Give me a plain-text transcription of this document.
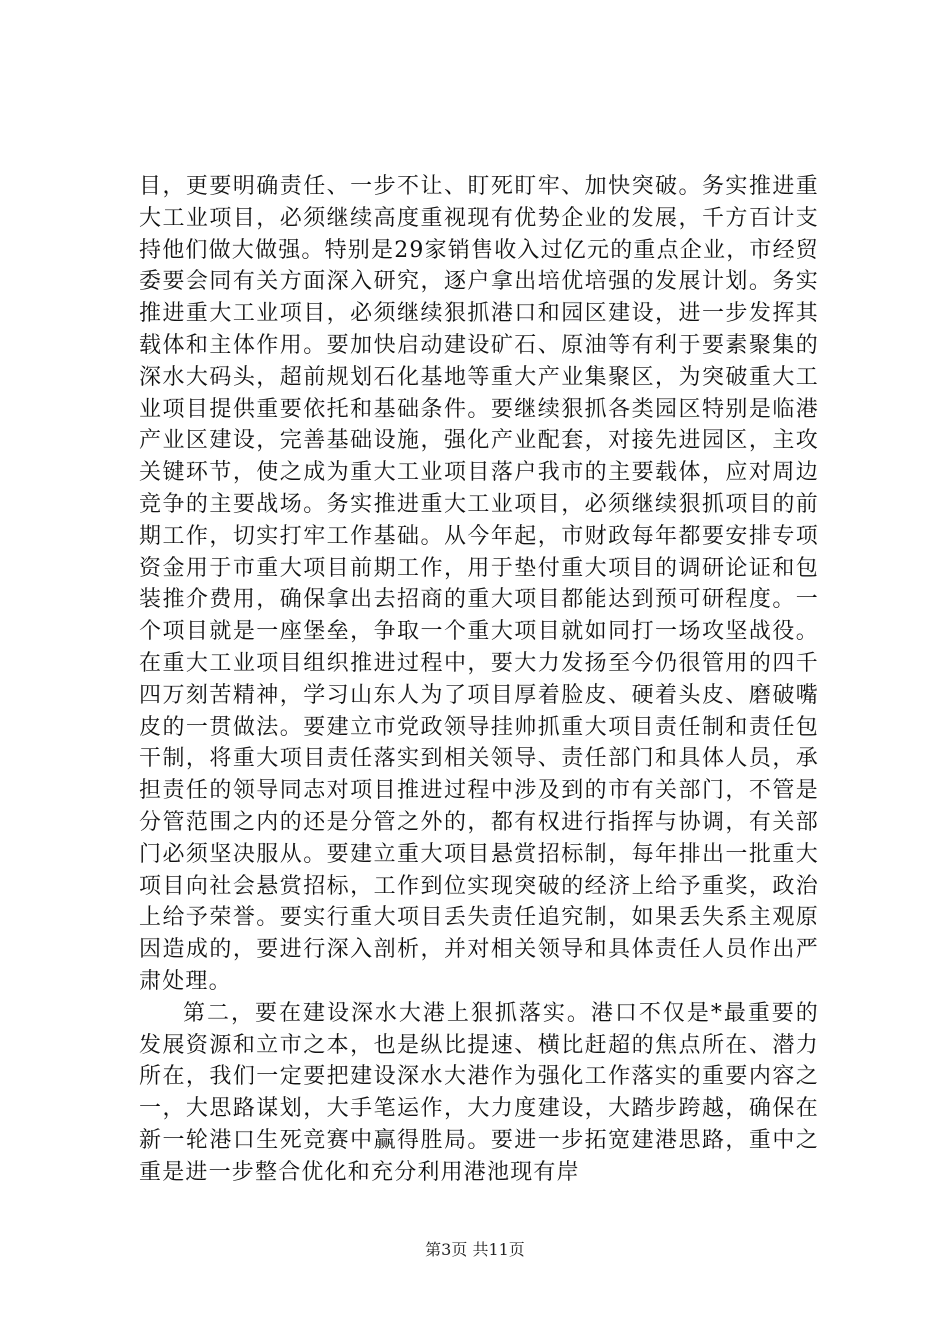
目，更要明确责任、一步不让、盯死盯牢、加快突破。务实推进重大工业项目，必须继续高度重视现有优势企业的发展，千方百计支持他们做大做强。特别是29家销售收入过亿元的重点企业，市经贸委要会同有关方面深入研究，逐户拿出培优培强的发展计划。务实推进重大工业项目，必须继续狠抓港口和园区建设，进一步发挥其载体和主体作用。要加快启动建设矿石、原油等有利于要素聚集的深水大码头，超前规划石化基地等重大产业集聚区，为突破重大工业项目提供重要依托和基础条件。要继续狠抓各类园区特别是临港产业区建设，完善基础设施，强化产业配套，对接先进园区，主攻关键环节，使之成为重大工业项目落户我市的主要载体，应对周边竞争的主要战场。务实推进重大工业项目，必须继续狠抓项目的前期工作，切实打牢工作基础。从今年起，市财政每年都要安排专项资金用于市重大项目前期工作，用于垫付重大项目的调研论证和包装推介费用，确保拿出去招商的重大项目都能达到预可研程度。一个项目就是一座堡垒，争取一个重大项目就如同打一场攻坚战役。在重大工业项目组织推进过程中，要大力发扬至今仍很管用的四千四万刻苦精神，学习山东人为了项目厚着脸皮、硬着头皮、磨破嘴皮的一贯做法。要建立市党政领导挂帅抓重大项目责任制和责任包干制，将重大项目责任落实到相关领导、责任部门和具体人员，承担责任的领导同志对项目推进过程中涉及到的市有关部门，不管是分管范围之内的还是分管之外的，都有权进行指挥与协调，有关部门必须坚决服从。要建立重大项目悬赏招标制，每年排出一批重大项目向社会悬赏招标，工作到位实现突破的经济上给予重奖，政治上给予荣誉。要实行重大项目丢失责任追究制，如果丢失系主观原因造成的，要进行深入剖析，并对相关领导和具体责任人员作出严肃处理。

第二，要在建设深水大港上狠抓落实。港口不仅是*最重要的发展资源和立市之本，也是纵比提速、横比赶超的焦点所在、潜力所在，我们一定要把建设深水大港作为强化工作落实的重要内容之一，大思路谋划，大手笔运作，大力度建设，大踏步跨越，确保在新一轮港口生死竞赛中赢得胜局。要进一步拓宽建港思路，重中之重是进一步整合优化和充分利用港池现有岸

第3页 共11页
